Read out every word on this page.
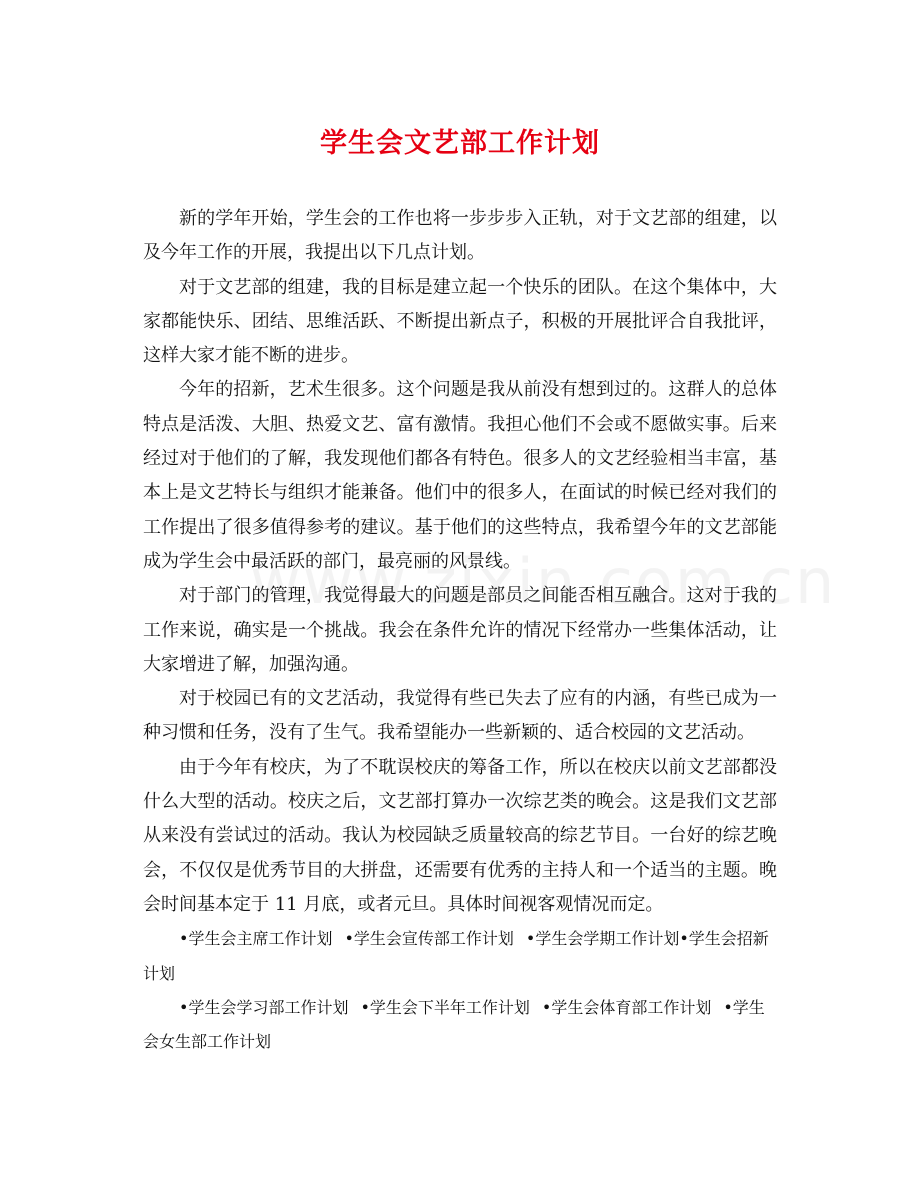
学生会文艺部工作计划

新的学年开始，学生会的工作也将一步步步入正轨，对于文艺部的组建，以及今年工作的开展，我提出以下几点计划。

对于文艺部的组建，我的目标是建立起一个快乐的团队。在这个集体中，大家都能快乐、团结、思维活跃、不断提出新点子，积极的开展批评合自我批评，这样大家才能不断的进步。

今年的招新，艺术生很多。这个问题是我从前没有想到过的。这群人的总体特点是活泼、大胆、热爱文艺、富有激情。我担心他们不会或不愿做实事。后来经过对于他们的了解，我发现他们都各有特色。很多人的文艺经验相当丰富，基本上是文艺特长与组织才能兼备。他们中的很多人，在面试的时候已经对我们的工作提出了很多值得参考的建议。基于他们的这些特点，我希望今年的文艺部能成为学生会中最活跃的部门，最亮丽的风景线。

对于部门的管理，我觉得最大的问题是部员之间能否相互融合。这对于我的工作来说，确实是一个挑战。我会在条件允许的情况下经常办一些集体活动，让大家增进了解，加强沟通。

对于校园已有的文艺活动，我觉得有些已失去了应有的内涵，有些已成为一种习惯和任务，没有了生气。我希望能办一些新颖的、适合校园的文艺活动。

由于今年有校庆，为了不耽误校庆的筹备工作，所以在校庆以前文艺部都没什么大型的活动。校庆之后，文艺部打算办一次综艺类的晚会。这是我们文艺部从来没有尝试过的活动。我认为校园缺乏质量较高的综艺节目。一台好的综艺晚会，不仅仅是优秀节目的大拼盘，还需要有优秀的主持人和一个适当的主题。晚会时间基本定于 11 月底，或者元旦。具体时间视客观情况而定。

•学生会主席工作计划 •学生会宣传部工作计划 •学生会学期工作计划•学生会招新计划

•学生会学习部工作计划 •学生会下半年工作计划 •学生会体育部工作计划 •学生会女生部工作计划
